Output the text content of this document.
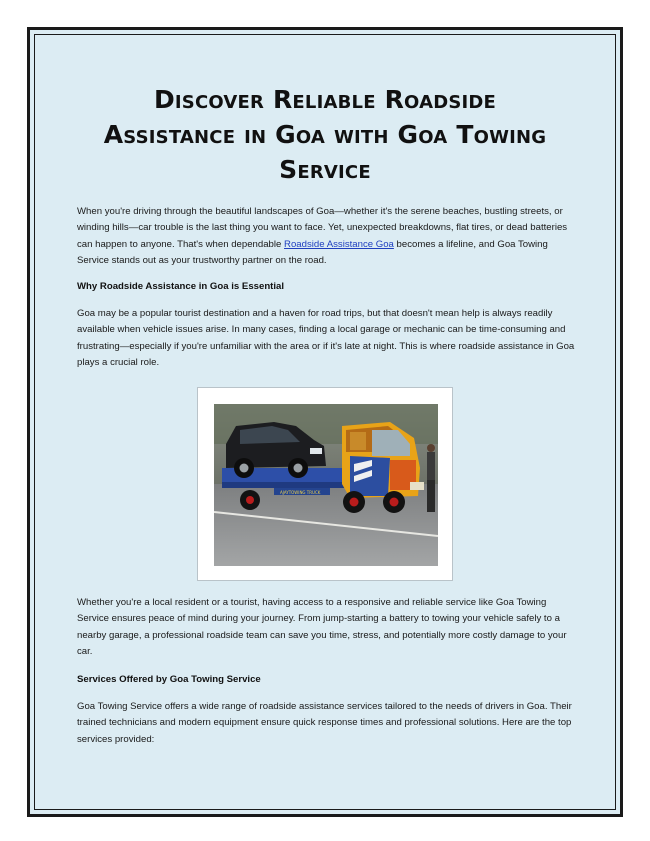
Discover Reliable Roadside
Assistance in Goa with Goa Towing
Service

When you're driving through the beautiful landscapes of Goa—whether it's the serene beaches, bustling streets, or winding hills—car trouble is the last thing you want to face. Yet, unexpected breakdowns, flat tires, or dead batteries can happen to anyone. That's when dependable Roadside Assistance Goa becomes a lifeline, and Goa Towing Service stands out as your trustworthy partner on the road.

Why Roadside Assistance in Goa is Essential

Goa may be a popular tourist destination and a haven for road trips, but that doesn't mean help is always readily available when vehicle issues arise. In many cases, finding a local garage or mechanic can be time-consuming and frustrating—especially if you're unfamiliar with the area or if it's late at night. This is where roadside assistance in Goa plays a crucial role.

AJAYTOWING TRUCK

Whether you're a local resident or a tourist, having access to a responsive and reliable service like Goa Towing Service ensures peace of mind during your journey. From jump-starting a battery to towing your vehicle safely to a nearby garage, a professional roadside team can save you time, stress, and potentially more costly damage to your car.

Services Offered by Goa Towing Service

Goa Towing Service offers a wide range of roadside assistance services tailored to the needs of drivers in Goa. Their trained technicians and modern equipment ensure quick response times and professional solutions. Here are the top services provided:
